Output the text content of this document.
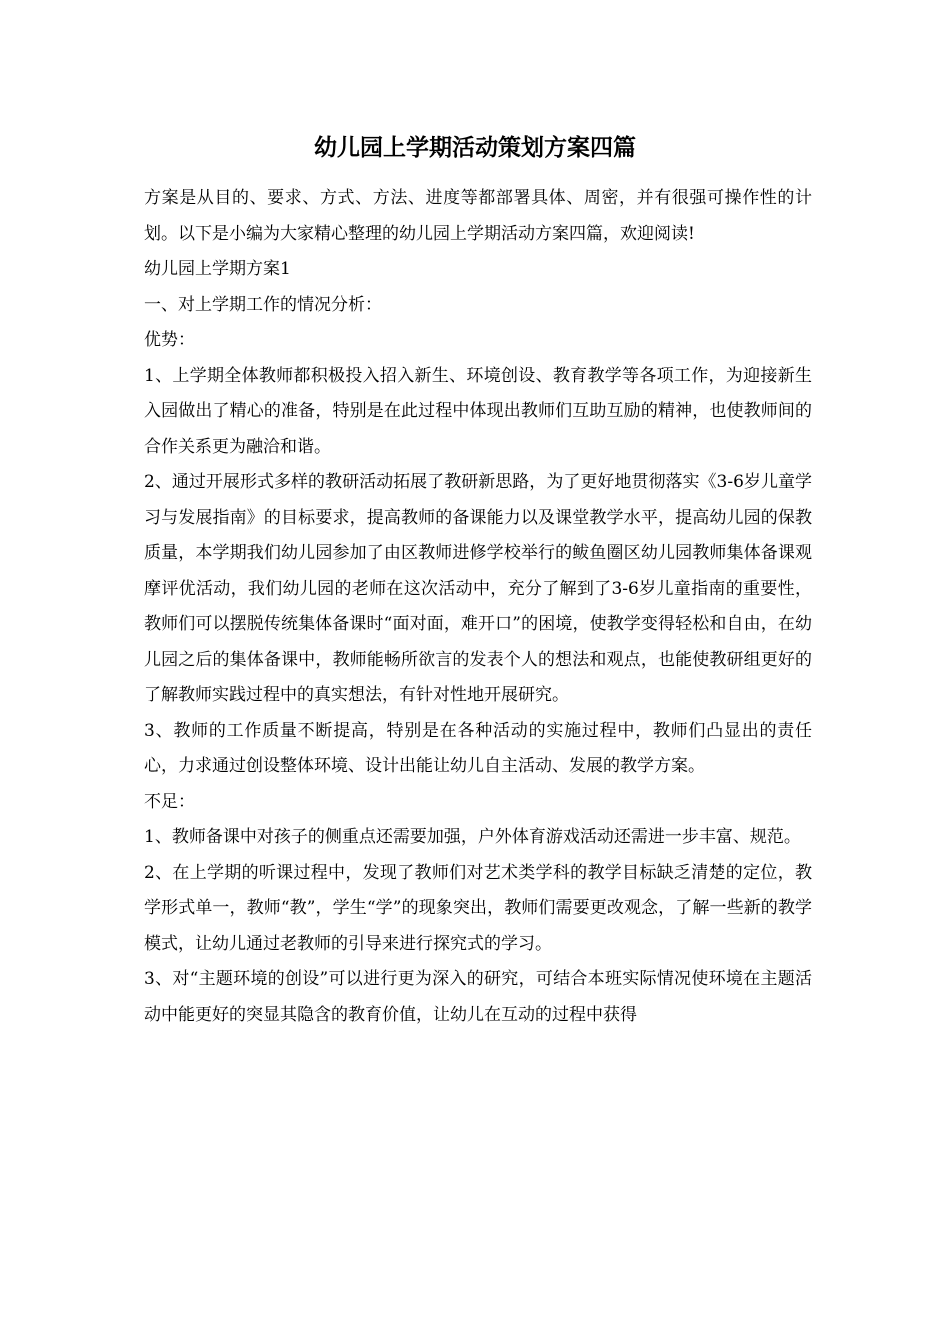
幼儿园上学期活动策划方案四篇

方案是从目的、要求、方式、方法、进度等都部署具体、周密，并有很强可操作性的计划。以下是小编为大家精心整理的幼儿园上学期活动方案四篇，欢迎阅读!

幼儿园上学期方案1

一、对上学期工作的情况分析：

优势：

1、上学期全体教师都积极投入招入新生、环境创设、教育教学等各项工作，为迎接新生入园做出了精心的准备，特别是在此过程中体现出教师们互助互励的精神，也使教师间的合作关系更为融洽和谐。

2、通过开展形式多样的教研活动拓展了教研新思路，为了更好地贯彻落实《3-6岁儿童学习与发展指南》的目标要求，提高教师的备课能力以及课堂教学水平，提高幼儿园的保教质量，本学期我们幼儿园参加了由区教师进修学校举行的鲅鱼圈区幼儿园教师集体备课观摩评优活动，我们幼儿园的老师在这次活动中，充分了解到了3-6岁儿童指南的重要性，教师们可以摆脱传统集体备课时“面对面，难开口”的困境，使教学变得轻松和自由，在幼儿园之后的集体备课中，教师能畅所欲言的发表个人的想法和观点，也能使教研组更好的了解教师实践过程中的真实想法，有针对性地开展研究。

3、教师的工作质量不断提高，特别是在各种活动的实施过程中，教师们凸显出的责任心，力求通过创设整体环境、设计出能让幼儿自主活动、发展的教学方案。

不足：

1、教师备课中对孩子的侧重点还需要加强，户外体育游戏活动还需进一步丰富、规范。

2、在上学期的听课过程中，发现了教师们对艺术类学科的教学目标缺乏清楚的定位，教学形式单一，教师“教”，学生“学”的现象突出，教师们需要更改观念，了解一些新的教学模式，让幼儿通过老教师的引导来进行探究式的学习。

3、对“主题环境的创设”可以进行更为深入的研究，可结合本班实际情况使环境在主题活动中能更好的突显其隐含的教育价值，让幼儿在互动的过程中获得
